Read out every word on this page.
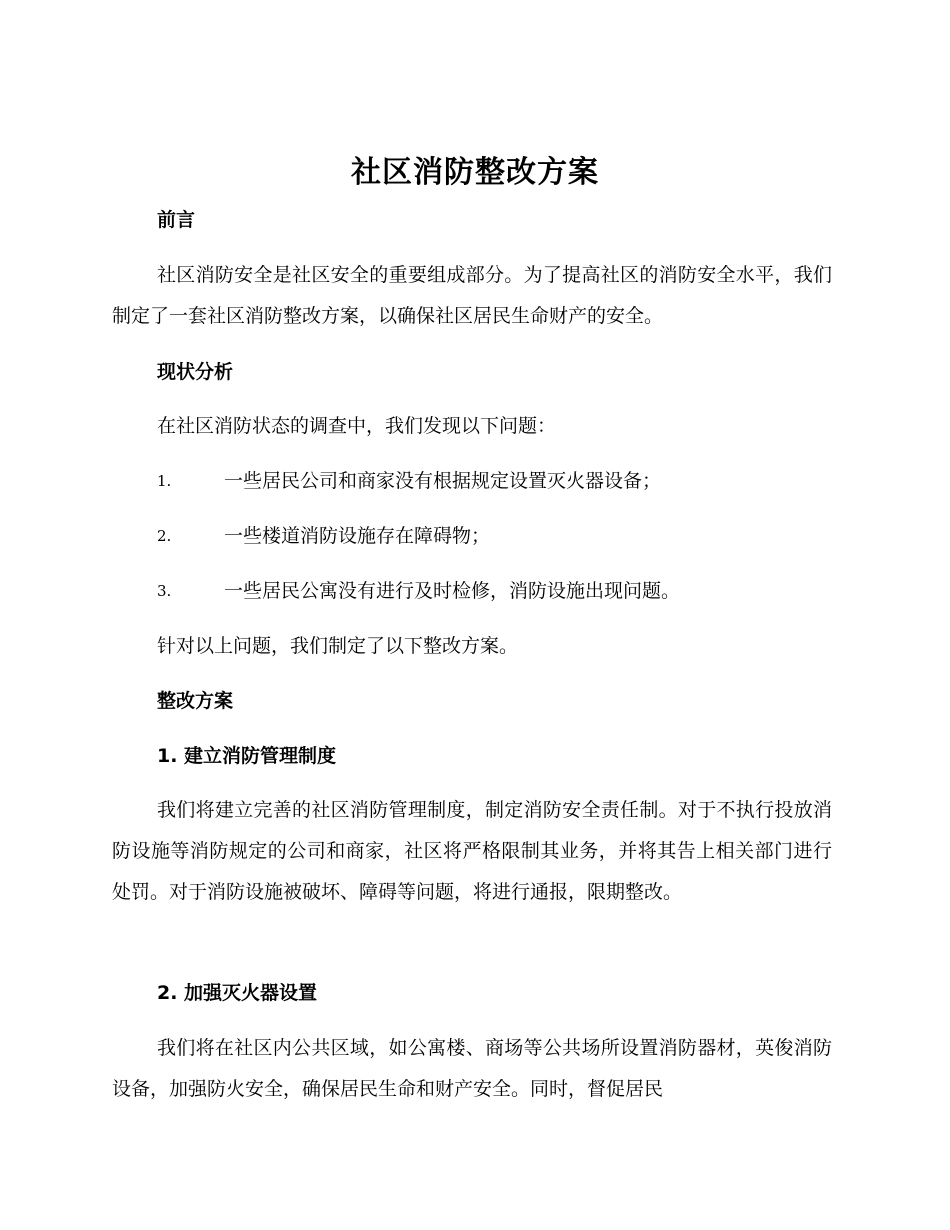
社区消防整改方案
前言
社区消防安全是社区安全的重要组成部分。为了提高社区的消防安全水平，我们制定了一套社区消防整改方案，以确保社区居民生命财产的安全。
现状分析
在社区消防状态的调查中，我们发现以下问题：
1.	一些居民公司和商家没有根据规定设置灭火器设备；
2.	一些楼道消防设施存在障碍物；
3.	一些居民公寓没有进行及时检修，消防设施出现问题。
针对以上问题，我们制定了以下整改方案。
整改方案
1. 建立消防管理制度
我们将建立完善的社区消防管理制度，制定消防安全责任制。对于不执行投放消防设施等消防规定的公司和商家，社区将严格限制其业务，并将其告上相关部门进行处罚。对于消防设施被破坏、障碍等问题，将进行通报，限期整改。
2. 加强灭火器设置
我们将在社区内公共区域，如公寓楼、商场等公共场所设置消防器材，英俊消防设备，加强防火安全，确保居民生命和财产安全。同时，督促居民
